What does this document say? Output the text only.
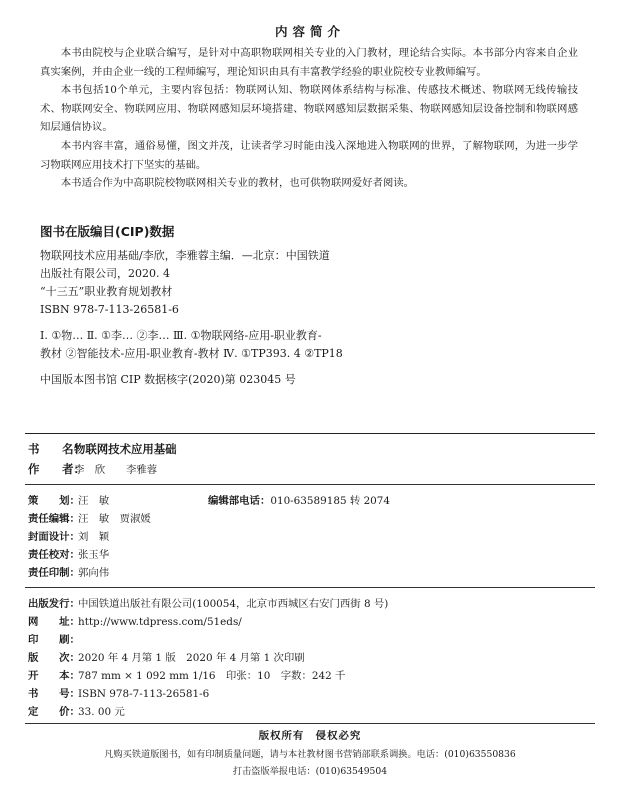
内容简介

本书由院校与企业联合编写，是针对中高职物联网相关专业的入门教材，理论结合实际。本书部分内容来自企业真实案例，并由企业一线的工程师编写，理论知识由具有丰富教学经验的职业院校专业教师编写。

本书包括10个单元，主要内容包括：物联网认知、物联网体系结构与标准、传感技术概述、物联网无线传输技术、物联网安全、物联网应用、物联网感知层环境搭建、物联网感知层数据采集、物联网感知层设备控制和物联网感知层通信协议。

本书内容丰富，通俗易懂，图文并茂，让读者学习时能由浅入深地进入物联网的世界，了解物联网，为进一步学习物联网应用技术打下坚实的基础。

本书适合作为中高职院校物联网相关专业的教材，也可供物联网爱好者阅读。

图书在版编目(CIP)数据
物联网技术应用基础/李欣，李雅蓉主编．—北京：中国铁道
出版社有限公司，2020. 4
“十三五”职业教育规划教材
ISBN 978-7-113-26581-6
Ⅰ. ①物… Ⅱ. ①李… ②李… Ⅲ. ①物联网络-应用-职业教育-
教材 ②智能技术-应用-职业教育-教材 Ⅳ. ①TP393. 4 ②TP18
中国版本图书馆 CIP 数据核字(2020)第 023045 号
书　　名：物联网技术应用基础
作　　者：李　欣　　李雅蓉
策　　划：汪　敏	编辑部电话：010-63589185 转 2074
责任编辑：汪　敏　贾淑媛
封面设计：刘　颖
责任校对：张玉华
责任印制：郭向伟
出版发行：中国铁道出版社有限公司(100054，北京市西城区右安门西街 8 号)
网　　址：http://www.tdpress.com/51eds/
印　　刷：
版　　次：2020 年 4 月第 1 版　2020 年 4 月第 1 次印刷
开　　本：787 mm × 1 092 mm 1/16　印张：10　字数：242 千
书　　号：ISBN 978-7-113-26581-6
定　　价：33. 00 元
版权所有　侵权必究
凡购买铁道版图书，如有印制质量问题，请与本社教材图书营销部联系调换。电话：(010)63550836
打击盗版举报电话：(010)63549504
